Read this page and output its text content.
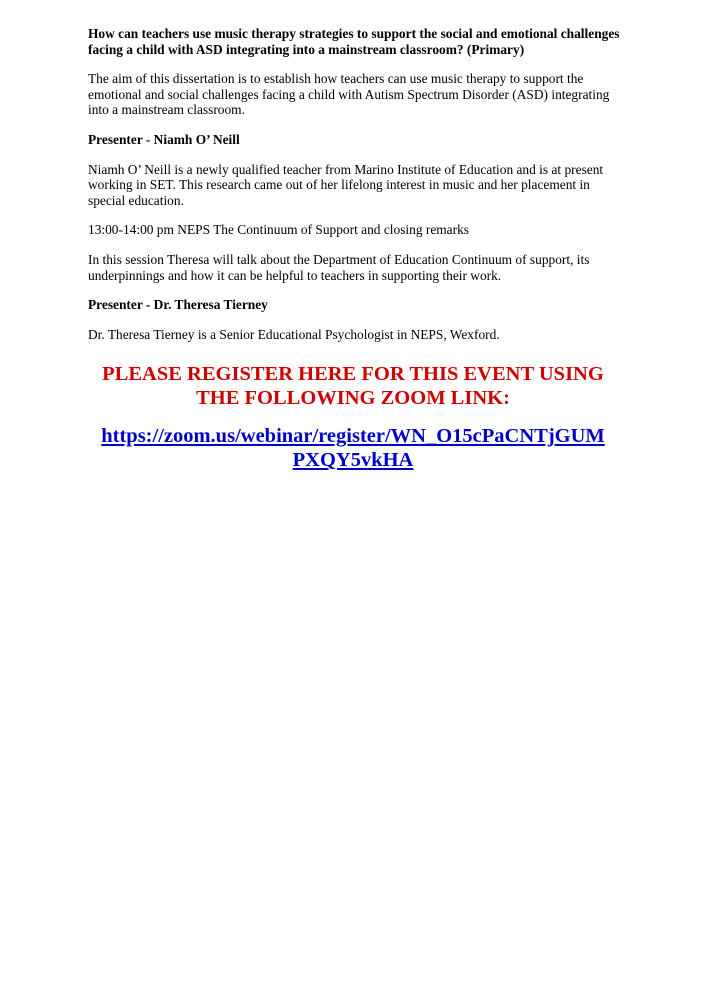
How can teachers use music therapy strategies to support the social and emotional challenges facing a child with ASD integrating into a mainstream classroom? (Primary)

The aim of this dissertation is to establish how teachers can use music therapy to support the emotional and social challenges facing a child with Autism Spectrum Disorder (ASD) integrating into a mainstream classroom.

Presenter - Niamh O’ Neill

Niamh O’ Neill is a newly qualified teacher from Marino Institute of Education and is at present working in SET. This research came out of her lifelong interest in music and her placement in special education.

13:00-14:00 pm NEPS The Continuum of Support and closing remarks

In this session Theresa will talk about the Department of Education Continuum of support, its underpinnings and how it can be helpful to teachers in supporting their work.

Presenter - Dr. Theresa Tierney

Dr. Theresa Tierney is a Senior Educational Psychologist in NEPS, Wexford.

PLEASE REGISTER HERE FOR THIS EVENT USING
THE FOLLOWING ZOOM LINK:
https://zoom.us/webinar/register/WN_O15cPaCNTjGUM
PXQY5vkHA
